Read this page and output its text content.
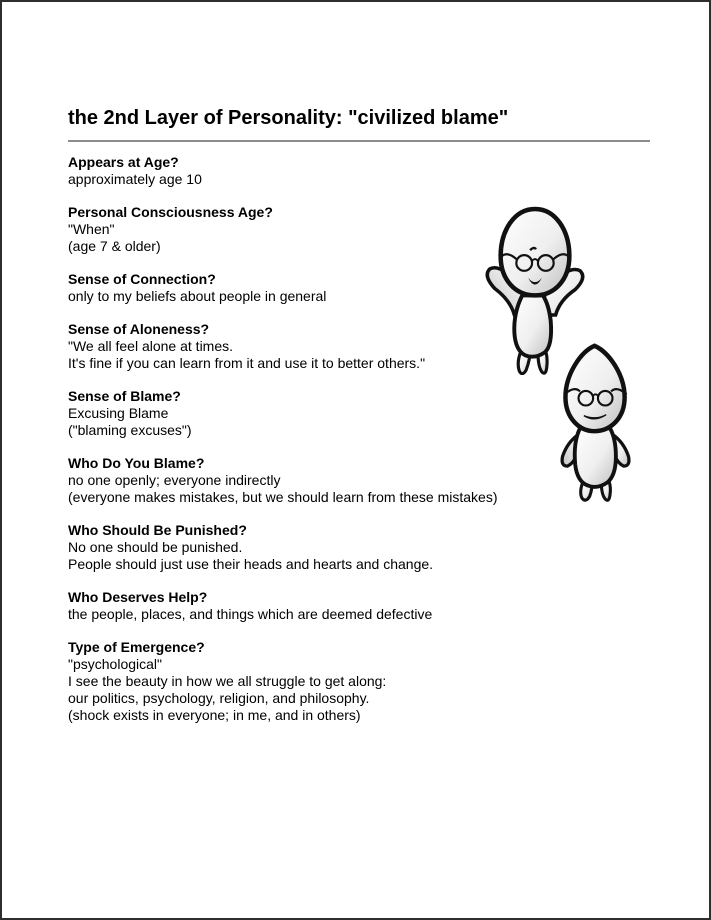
the 2nd Layer of Personality: "civilized blame"
Appears at Age?
approximately age 10
Personal Consciousness Age?
"When"
(age 7 & older)
Sense of Connection?
only to my beliefs about people in general
Sense of Aloneness?
"We all feel alone at times.
It's fine if you can learn from it and use it to better others."
Sense of Blame?
Excusing Blame
("blaming excuses")
Who Do You Blame?
no one openly; everyone indirectly
(everyone makes mistakes, but we should learn from these mistakes)
Who Should Be Punished?
No one should be punished.
People should just use their heads and hearts and change.
Who Deserves Help?
the people, places, and things which are deemed defective
Type of Emergence?
"psychological"
I see the beauty in how we all struggle to get along:
our politics, psychology, religion, and philosophy.
(shock exists in everyone; in me, and in others)
